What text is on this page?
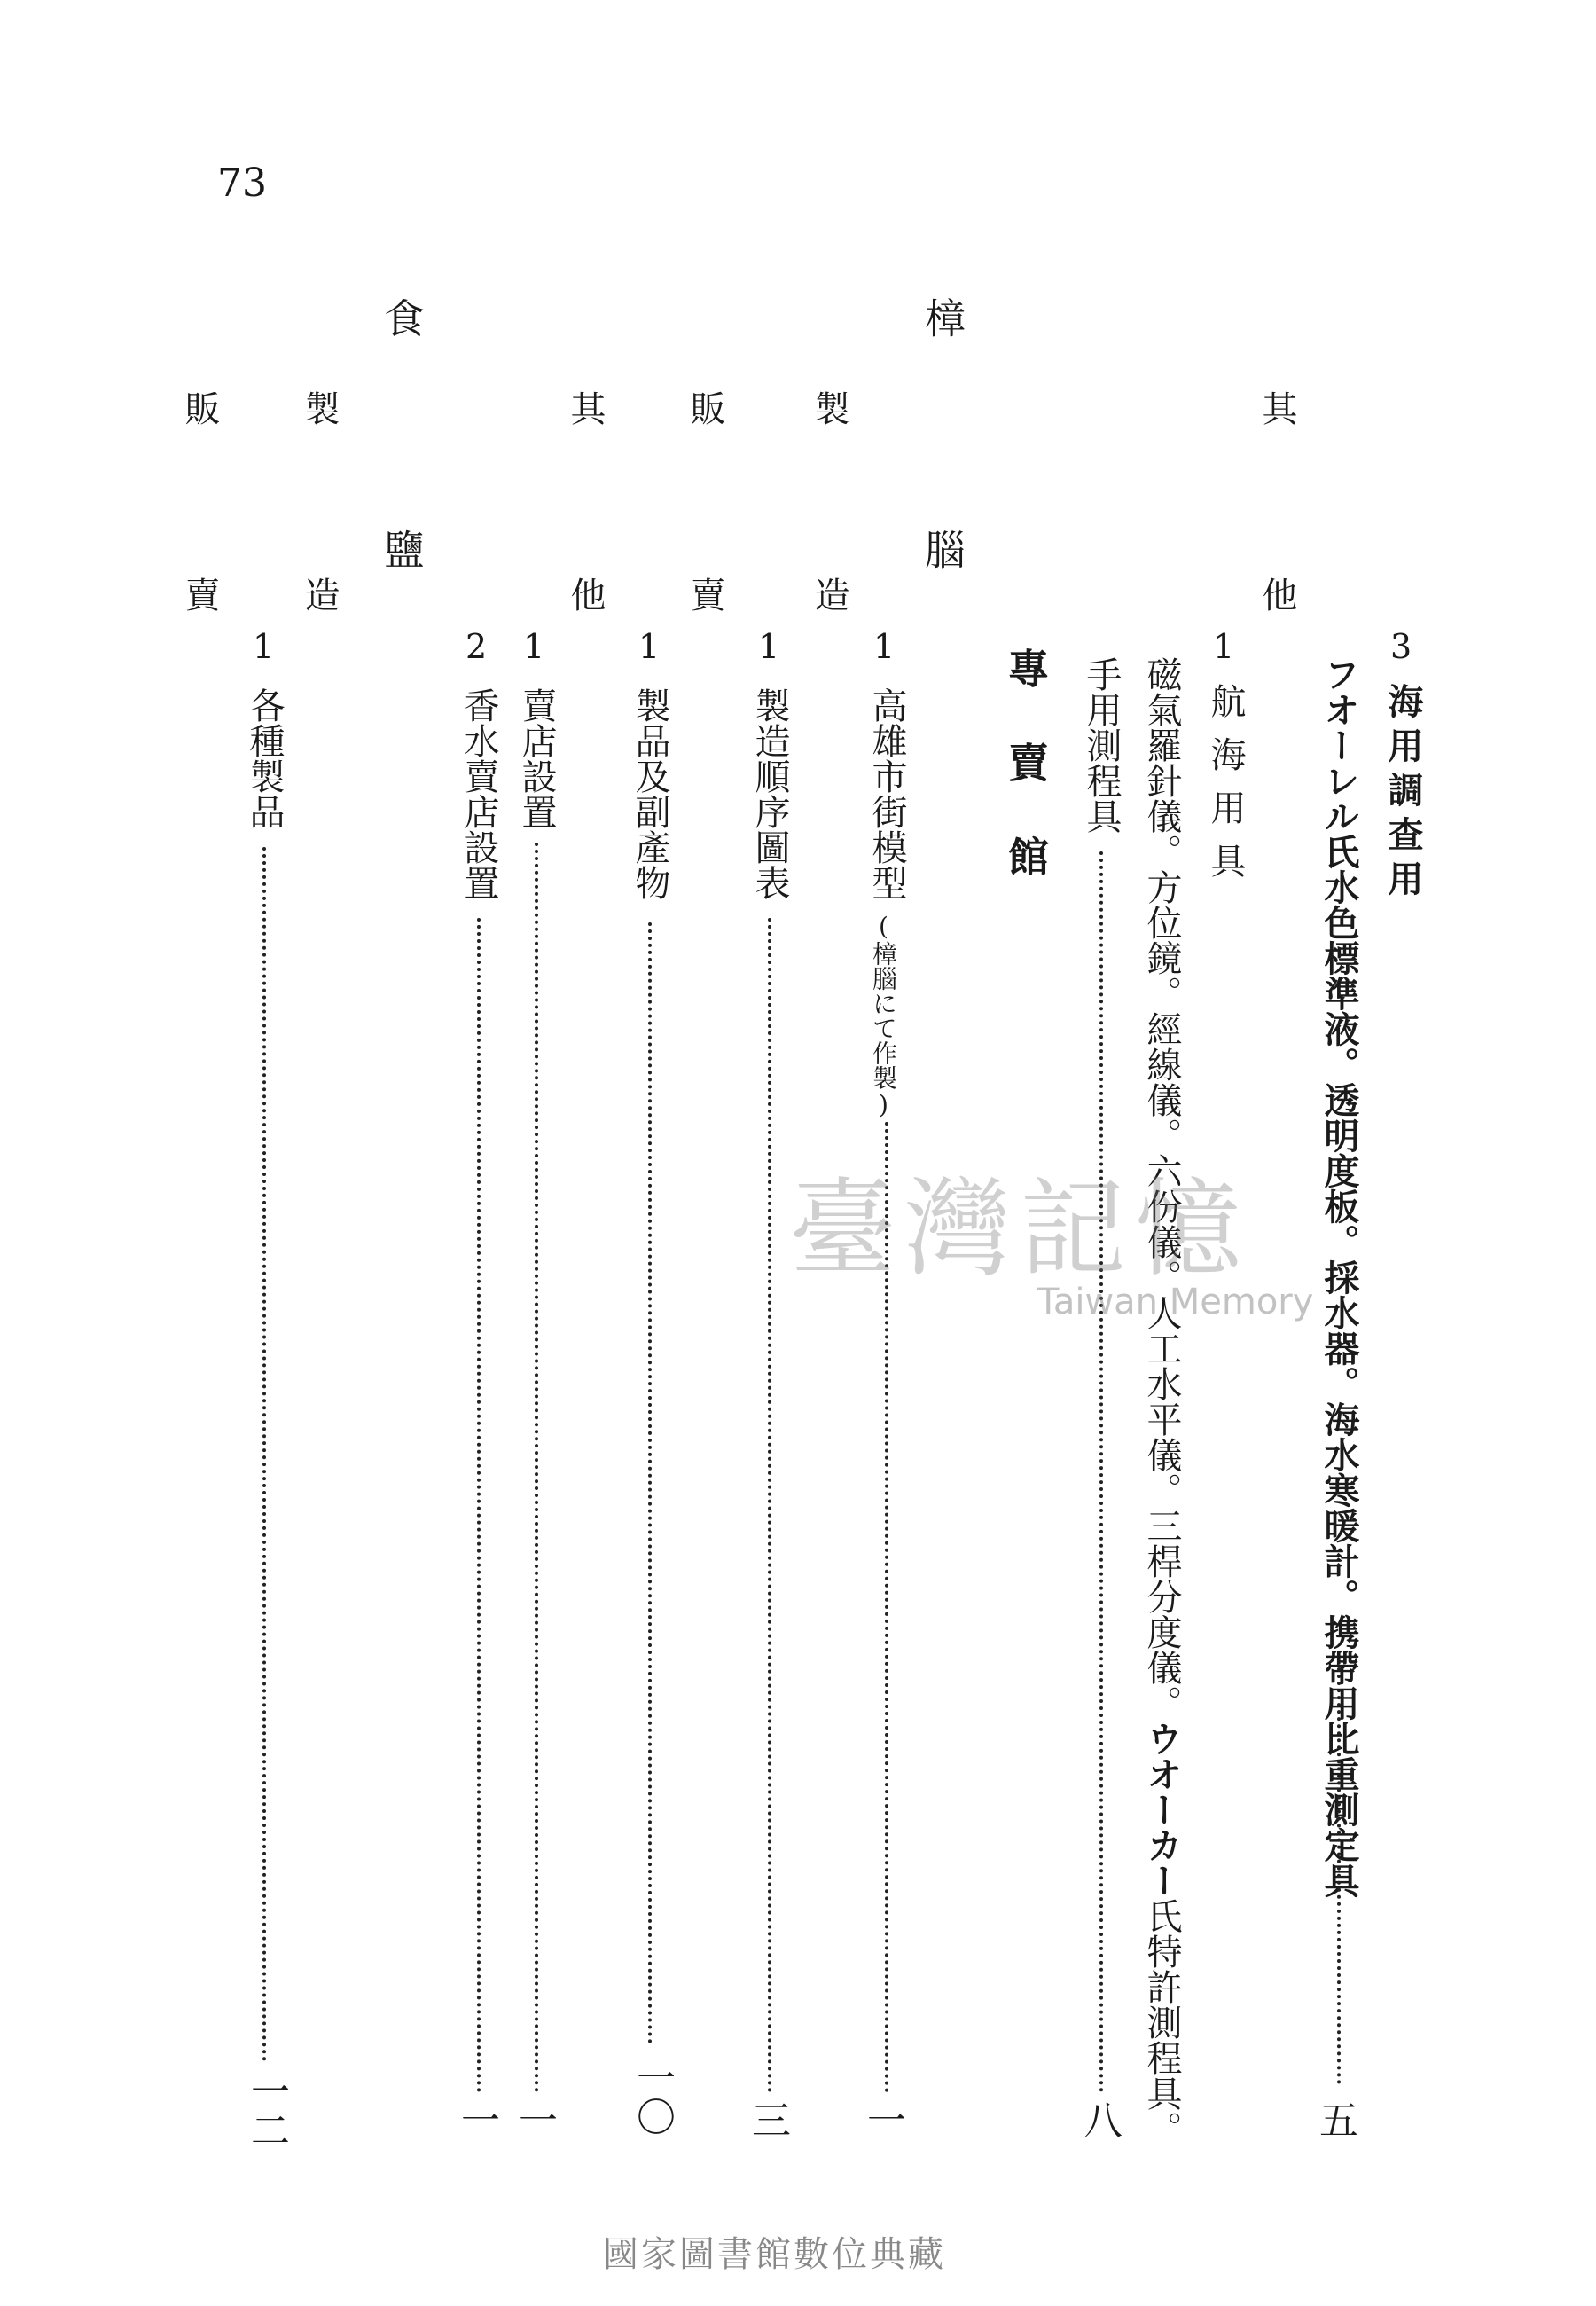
73
其他	3
海用調查用
フオーレル氏水色標準液。透明度板。採水器。海水寒暖計。携帶用比重測定具
五
1
航海用具
磁氣羅針儀。方位鏡。經線儀。六份儀。人工水平儀。三桿分度儀。ウオーカー氏特許測程具。
手用測程具
八
專賣館
樟腦
製造 1
高雄市街模型
(樟腦にて作製)
一
販賣 1
製造順序圖表
三
其他 1
製品及副產物
一〇
1
賣店設置
一
2
香水賣店設置
一
食鹽
製造
1
各種製品
一二
販賣
臺灣記憶
Taiwan Memory
國家圖書館數位典藏
